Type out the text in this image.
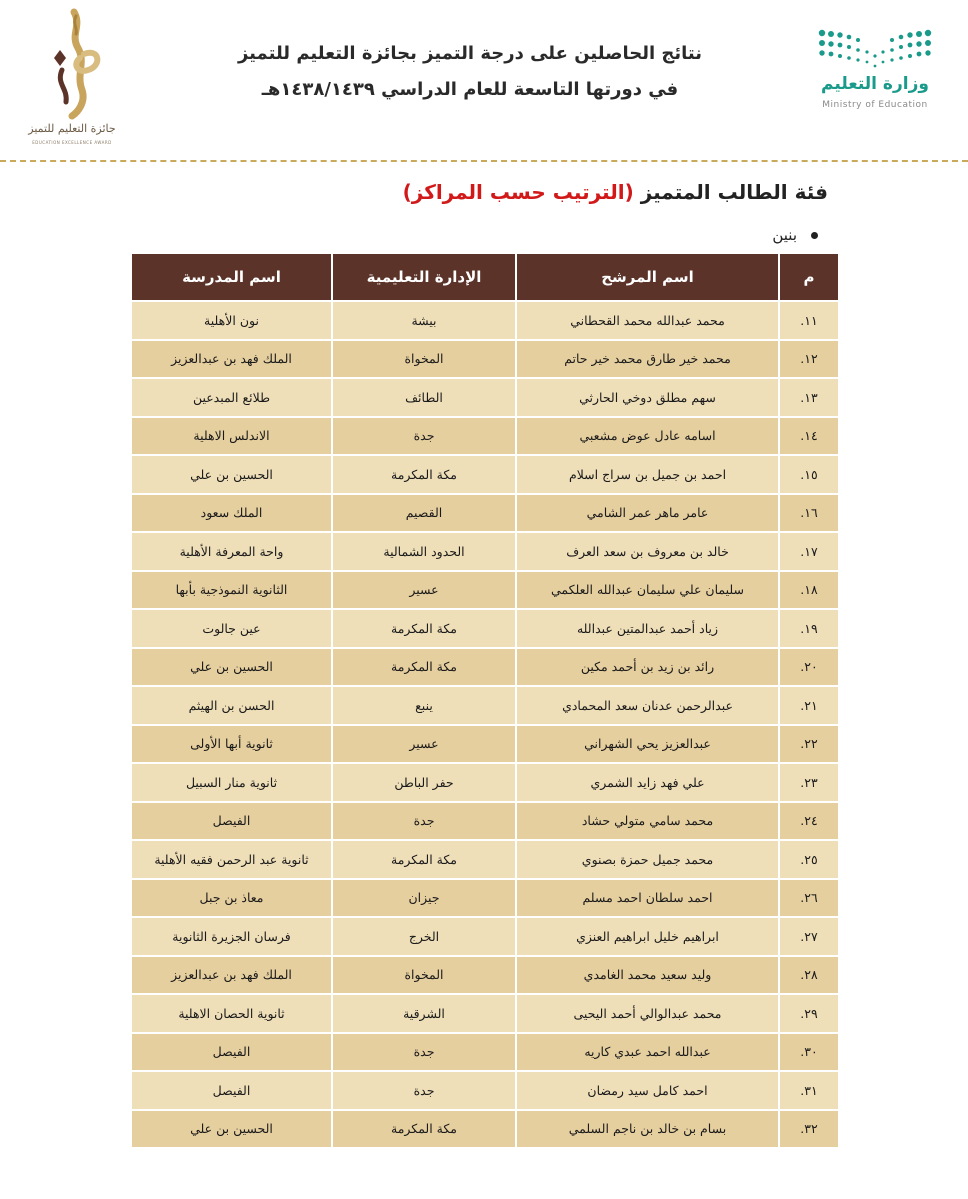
جائزة التعليم للتميز
EDUCATION EXCELLENCE AWARD
نتائج الحاصلين على درجة التميز بجائزة التعليم للتميز
في دورتها التاسعة للعام الدراسي ١٤٣٨/١٤٣٩هـ	وزارة التعليم
Ministry of Education
فئة الطالب المتميز (الترتيب حسب المراكز)
بنين
م	اسم المرشح	الإدارة التعليمية	اسم المدرسة
١١.	محمد عبدالله محمد القحطاني	بيشة	نون الأهلية
١٢.	محمد خير طارق محمد خير حاتم	المخواة	الملك فهد بن عبدالعزيز
١٣.	سهم مطلق دوخي الحارثي	الطائف	طلائع المبدعين
١٤.	اسامه عادل عوض مشعبي	جدة	الاندلس الاهلية
١٥.	احمد بن جميل بن سراج اسلام	مكة المكرمة	الحسين بن علي
١٦.	عامر ماهر عمر الشامي	القصيم	الملك سعود
١٧.	خالد بن معروف بن سعد العرف	الحدود الشمالية	واحة المعرفة الأهلية
١٨.	سليمان علي سليمان عبدالله العلكمي	عسير	الثانوية النموذجية بأبها
١٩.	زياد أحمد عبدالمتين عبدالله	مكة المكرمة	عين جالوت
٢٠.	رائد بن زيد بن أحمد مكين	مكة المكرمة	الحسين بن علي
٢١.	عبدالرحمن عدنان سعد المحمادي	ينبع	الحسن بن الهيثم
٢٢.	عبدالعزيز يحي الشهراني	عسير	ثانوية أبها الأولى
٢٣.	علي فهد زايد الشمري	حفر الباطن	ثانوية منار السبيل
٢٤.	محمد سامي متولي حشاد	جدة	الفيصل
٢٥.	محمد جميل حمزة بصنوي	مكة المكرمة	ثانوية عبد الرحمن فقيه الأهلية
٢٦.	احمد سلطان احمد مسلم	جيزان	معاذ بن جبل
٢٧.	ابراهيم خليل ابراهيم العنزي	الخرج	فرسان الجزيرة الثانوية
٢٨.	وليد سعيد محمد الغامدي	المخواة	الملك فهد بن عبدالعزيز
٢٩.	محمد عبدالوالي أحمد اليحيى	الشرقية	ثانوية الحصان الاهلية
٣٠.	عبدالله احمد عبدي كاريه	جدة	الفيصل
٣١.	احمد كامل سيد رمضان	جدة	الفيصل
٣٢.	بسام بن خالد بن ناجم السلمي	مكة المكرمة	الحسين بن علي
